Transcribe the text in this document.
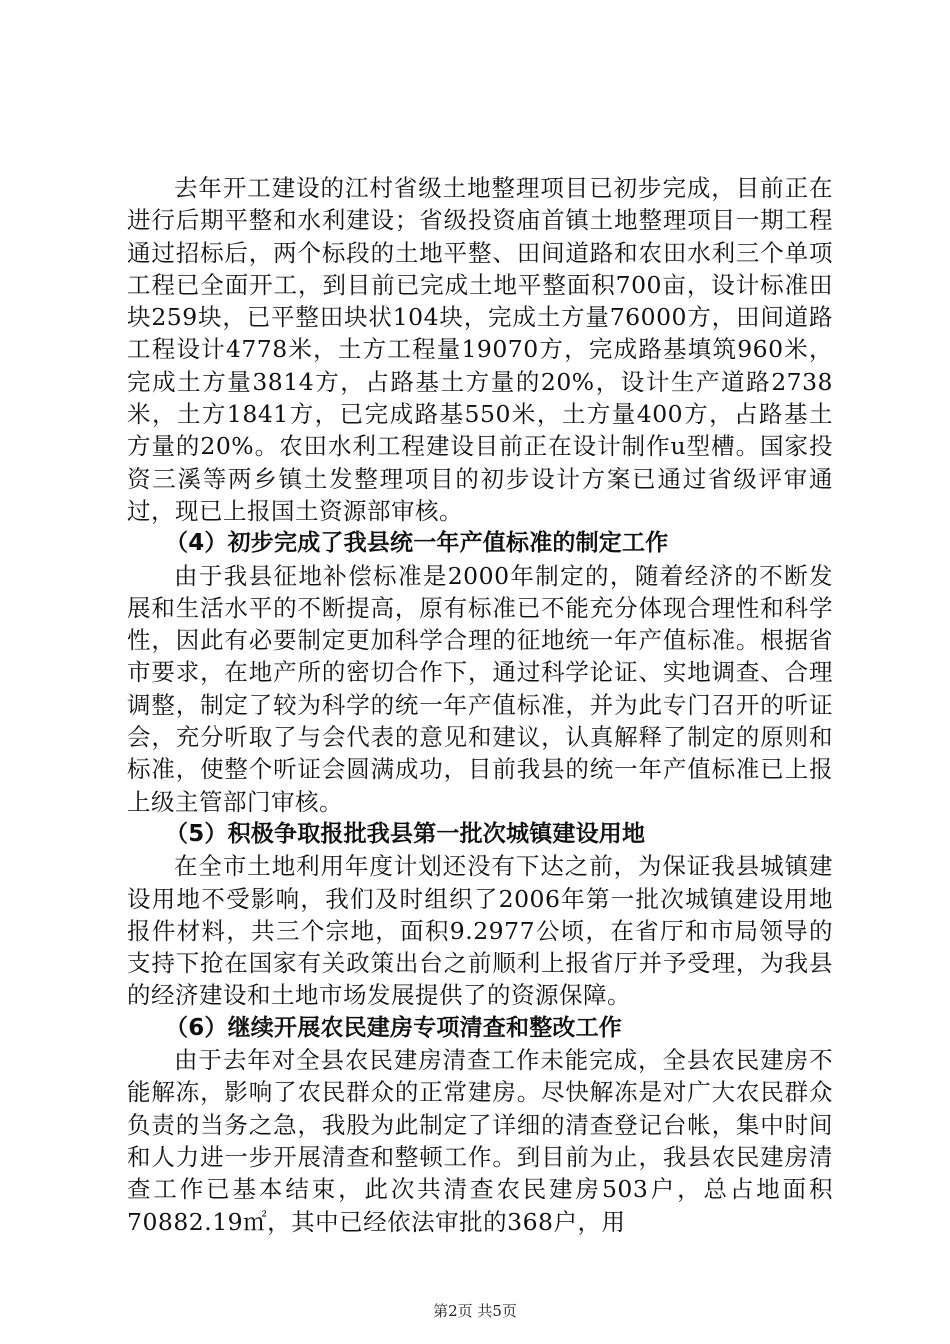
去年开工建设的江村省级土地整理项目已初步完成，目前正在进行后期平整和水利建设；省级投资庙首镇土地整理项目一期工程通过招标后，两个标段的土地平整、田间道路和农田水利三个单项工程已全面开工，到目前已完成土地平整面积700亩，设计标准田块259块，已平整田块状104块，完成土方量76000方，田间道路工程设计4778米，土方工程量19070方，完成路基填筑960米，完成土方量3814方，占路基土方量的20%，设计生产道路2738米，土方1841方，已完成路基550米，土方量400方，占路基土方量的20%。农田水利工程建设目前正在设计制作u型槽。国家投资三溪等两乡镇土发整理项目的初步设计方案已通过省级评审通过，现已上报国土资源部审核。

（4）初步完成了我县统一年产值标准的制定工作

由于我县征地补偿标准是2000年制定的，随着经济的不断发展和生活水平的不断提高，原有标准已不能充分体现合理性和科学性，因此有必要制定更加科学合理的征地统一年产值标准。根据省市要求，在地产所的密切合作下，通过科学论证、实地调查、合理调整，制定了较为科学的统一年产值标准，并为此专门召开的听证会，充分听取了与会代表的意见和建议，认真解释了制定的原则和标准，使整个听证会圆满成功，目前我县的统一年产值标准已上报上级主管部门审核。

（5）积极争取报批我县第一批次城镇建设用地

在全市土地利用年度计划还没有下达之前，为保证我县城镇建设用地不受影响，我们及时组织了2006年第一批次城镇建设用地报件材料，共三个宗地，面积9.2977公顷，在省厅和市局领导的支持下抢在国家有关政策出台之前顺利上报省厅并予受理，为我县的经济建设和土地市场发展提供了的资源保障。

（6）继续开展农民建房专项清查和整改工作

由于去年对全县农民建房清查工作未能完成，全县农民建房不能解冻，影响了农民群众的正常建房。尽快解冻是对广大农民群众负责的当务之急，我股为此制定了详细的清查登记台帐，集中时间和人力进一步开展清查和整顿工作。到目前为止，我县农民建房清查工作已基本结束，此次共清查农民建房503户，总占地面积70882.19㎡，其中已经依法审批的368户，用

第2页 共5页
